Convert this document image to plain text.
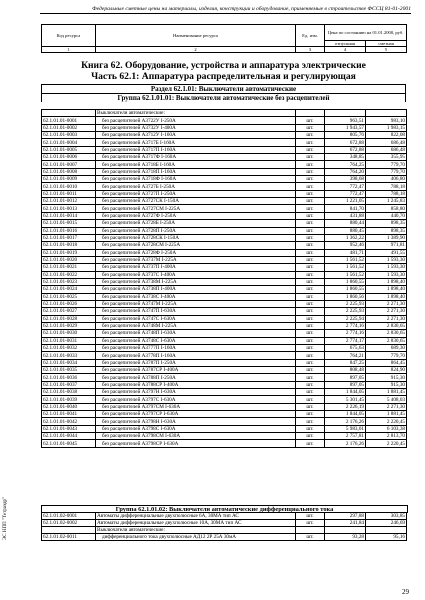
Федеральные сметные цены на материалы, изделия, конструкции и оборудование, применяемые в строительстве ФССЦ 81-01-2001
Код ресурса	Наименование ресурса	Ед. изм.	Цена по состоянию на 01.01.2000, руб.	
			отпускная	сметная
1	2	3	4	5
Книга 62. Оборудование, устройства и аппаратура электрические
Часть 62.1: Аппаратура распределительная и регулирующая
Раздел 62.1.01: Выключатели автоматические
Группа 62.1.01.01: Выключатели автоматические без расцепителей
	Выключатели автоматические:			
62.1.01.01-0001	без расцепителей А3722У I-250А	шт.	963,51	983,10
62.1.01.01-0002	без расцепителей А3732У I-400А	шт.	1 943,57	1 983,15
62.1.01.01-0003	без расцепителей А3712У I-160А	шт.	805,76	822,08
62.1.01.01-0004	без расцепителей А3717Б I-160А	шт.	672,88	686,48
62.1.01.01-0005	без расцепителей А3717П I-160А	шт.	672,88	686,48
62.1.01.01-0006	без расцепителей А3717Ф I-160А	шт.	348,85	355,95
62.1.01.01-0007	без расцепителей А3718Б I-160А	шт.	764,25	779,70
62.1.01.01-0008	без расцепителей А3718П I-160А	шт.	764,20	779,70
62.1.01.01-0009	без расцепителей А3718Ф I-160А	шт.	398,68	406,80
62.1.01.01-0010	без расцепителей А3727Б I-250А	шт.	772,47	788,18
62.1.01.01-0011	без расцепителей А3727П I-250А	шт.	772,47	788,18
62.1.01.01-0012	без расцепителей А3727СК I-150А	шт.	1 221,05	1 245,83
62.1.01.01-0013	без расцепителей А3727СМ I-225А	шт.	841,70	858,80
62.1.01.01-0014	без расцепителей А3727Ф I-250А	шт.	431,88	440,70
62.1.01.01-0015	без расцепителей А3728Б I-250А	шт.	880,44	898,35
62.1.01.01-0016	без расцепителей А3728П I-250А	шт.	880,45	898,35
62.1.01.01-0017	без расцепителей А3728СК I-150А	шт.	1 362,22	1 389,90
62.1.01.01-0018	без расцепителей А3728СМ I-225А	шт.	952,46	971,81
62.1.01.01-0019	без расцепителей А3728Ф I-250А	шт.	481,71	491,55
62.1.01.01-0020	без расцепителей А3737М I-225А	шт.	1 561,52	1 593,30
62.1.01.01-0021	без расцепителей А3737П I-400А	шт.	1 561,52	1 593,30
62.1.01.01-0022	без расцепителей А3737С I-400А	шт.	1 561,52	1 593,30
62.1.01.01-0023	без расцепителей А3738М I-225А	шт.	1 860,55	1 898,40
62.1.01.01-0024	без расцепителей А3738П I-400А	шт.	1 860,55	1 898,40
62.1.01.01-0025	без расцепителей А3738С I-400А	шт.	1 860,56	1 898,40
62.1.01.01-0026	без расцепителей А3747М I-225А	шт.	2 225,93	2 271,30
62.1.01.01-0027	без расцепителей А3747П I-630А	шт.	2 225,93	2 271,30
62.1.01.01-0028	без расцепителей А3747С I-630А	шт.	2 225,94	2 271,30
62.1.01.01-0029	без расцепителей А3748М I-225А	шт.	2 774,16	2 830,65
62.1.01.01-0030	без расцепителей А3748П I-630А	шт.	2 774,16	2 830,65
62.1.01.01-0031	без расцепителей А3748С I-630А	шт.	2 774,17	2 830,65
62.1.01.01-0032	без расцепителей А3777П I-160А	шт.	675,63	689,30
62.1.01.01-0033	без расцепителей А3778П I-160А	шт.	764,21	779,70
62.1.01.01-0034	без расцепителей А3787П I-250А	шт.	847,25	864,45
62.1.01.01-0035	без расцепителей А3787СР I-400А	шт.	808,48	824,90
62.1.01.01-0036	без расцепителей А3788П I-250А	шт.	897,05	915,30
62.1.01.01-0037	без расцепителей А3788СР I-400А	шт.	897,05	915,30
62.1.01.01-0038	без расцепителей А3797Н I-630А	шт.	1 844,05	1 881,45
62.1.01.01-0039	без расцепителей А3797С I-630А	шт.	5 301,45	5 408,03
62.1.01.01-0040	без расцепителей А3797СМ I-630А	шт.	2 226,19	2 271,30
62.1.01.01-0041	без расцепителей А3797СР I-630А	шт.	1 844,05	1 881,45
62.1.01.01-0042	без расцепителей А3798Н I-630А	шт.	2 176,26	2 220,45
62.1.01.01-0043	без расцепителей А3798С I-630А	шт.	5 983,01	6 103,38
62.1.01.01-0044	без расцепителей А3798СМ I-630А	шт.	2 757,81	2 813,70
62.1.01.01-0045	без расцепителей А3798СР I-630А	шт.	2 176,26	2 220,45
Группа 62.1.01.02: Выключатели автоматические дифференциального тока
62.1.01.02-0001	Автоматы дифференциальные двухполюсные 6А, 30МА тип АС	шт.	297,88	303,85
62.1.01.02-0002	Автоматы дифференциальные двухполюсные 10А, 30МА тип АС	шт.	241,84	246,69
	Выключатели автоматические:			
62.1.01.02-0011	дифференциального тока двухполюсные АД12 2Р 25А 30мА	шт.	93,28	95,16
ЭС НПП "Тетраэдр"
29
